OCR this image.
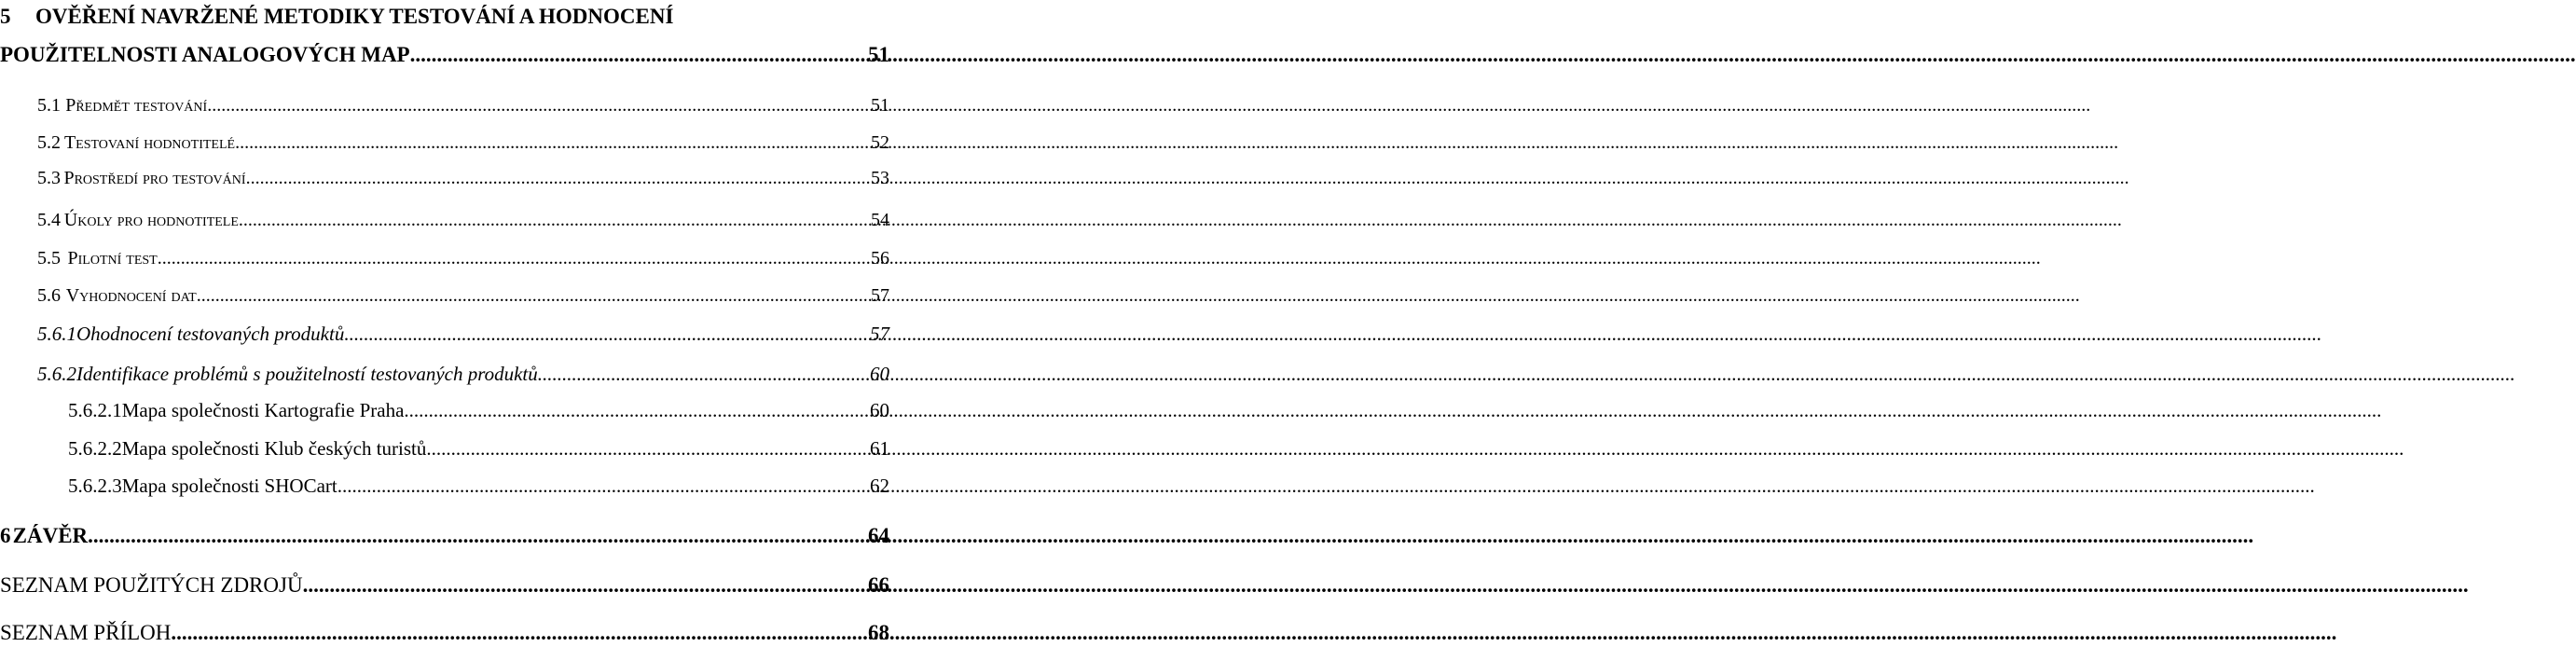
5 OVĚŘENÍ NAVRŽENÉ METODIKY TESTOVÁNÍ A HODNOCENÍ
POUŽITELNOSTI ANALOGOVÝCH MAP .....	51
5.1 Předmět testování .....	51
5.2 Testovaní hodnotitelé .....	52
5.3 Prostředí pro testování .....	53
5.4 Úkoly pro hodnotitele .....	54
5.5 Pilotní test .....	56
5.6 Vyhodnocení dat .....	57
5.6.1 Ohodnocení testovaných produktů .....	57
5.6.2 Identifikace problémů s použitelností testovaných produktů .....	60
5.6.2.1 Mapa společnosti Kartografie Praha .....	60
5.6.2.2 Mapa společnosti Klub českých turistů .....	61
5.6.2.3 Mapa společnosti SHOCart .....	62
6 ZÁVĚR .....	64
SEZNAM POUŽITÝCH ZDROJŮ .....	66
SEZNAM PŘÍLOH .....	68
